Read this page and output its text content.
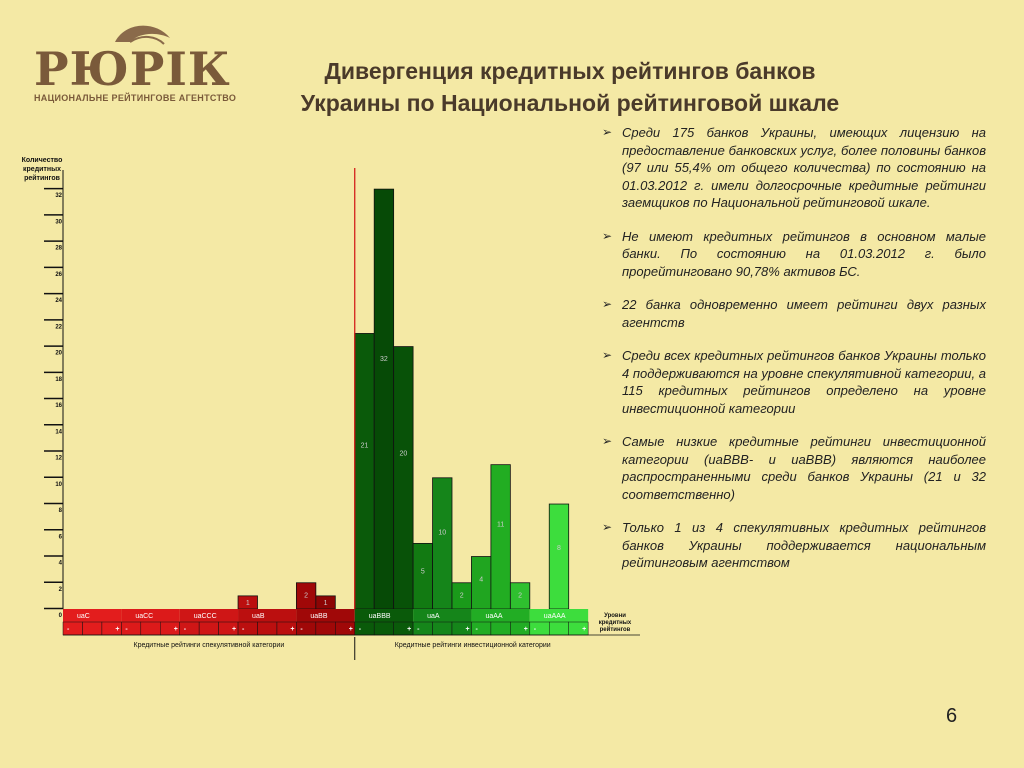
РЮРІК
НАЦИОНАЛЬНЕ РЕЙТИНГОВЕ АГЕНТСТВО
Дивергенция кредитных рейтингов банков
Украины по Национальной рейтинговой шкале
➢ Среди 175 банков Украины, имеющих лицензию на предоставление банковских услуг, более половины банков (97 или 55,4% от общего количества) по состоянию на 01.03.2012 г. имели долгосрочные кредитные рейтинги заемщиков по Национальной рейтинговой шкале.
➢ Не имеют кредитных рейтингов в основном малые банки. По состоянию на 01.03.2012 г. было прорейтинговано 90,78% активов БС.
➢ 22 банка одновременно имеет рейтинги двух разных агентств
➢ Среди всех кредитных рейтингов банков Украины только 4 поддерживаются на уровне спекулятивной категории, а 115 кредитных рейтингов определено на уровне инвестиционной категории
➢ Самые низкие кредитные рейтинги инвестиционной категории (uaBBB- и uaBBB) являются наиболее распространенными среди банков Украины (21 и 32 соответственно)
➢ Только 1 из 4 спекулятивных кредитных рейтингов банков Украины поддерживается национальным рейтинговым агентством
Количество
кредитных
рейтингов
0
2
4
6
8
10
12
14
16
18
20
22
24
26
28
30
32
1
2
1
21
32
20
5
10
2
4
11
2
8
uaC
-	+
uaCC
-	+
uaCCC
-	+
uaB
-	+
uaBB
-	+
uaBBB
-	+
uaA
-	+
uaAA
-	+
uaAAA
-	+
Уровни
кредитных
рейтингов
Кредитные рейтинги спекулятивной категории	Кредитные рейтинги инвестиционной категории
6
